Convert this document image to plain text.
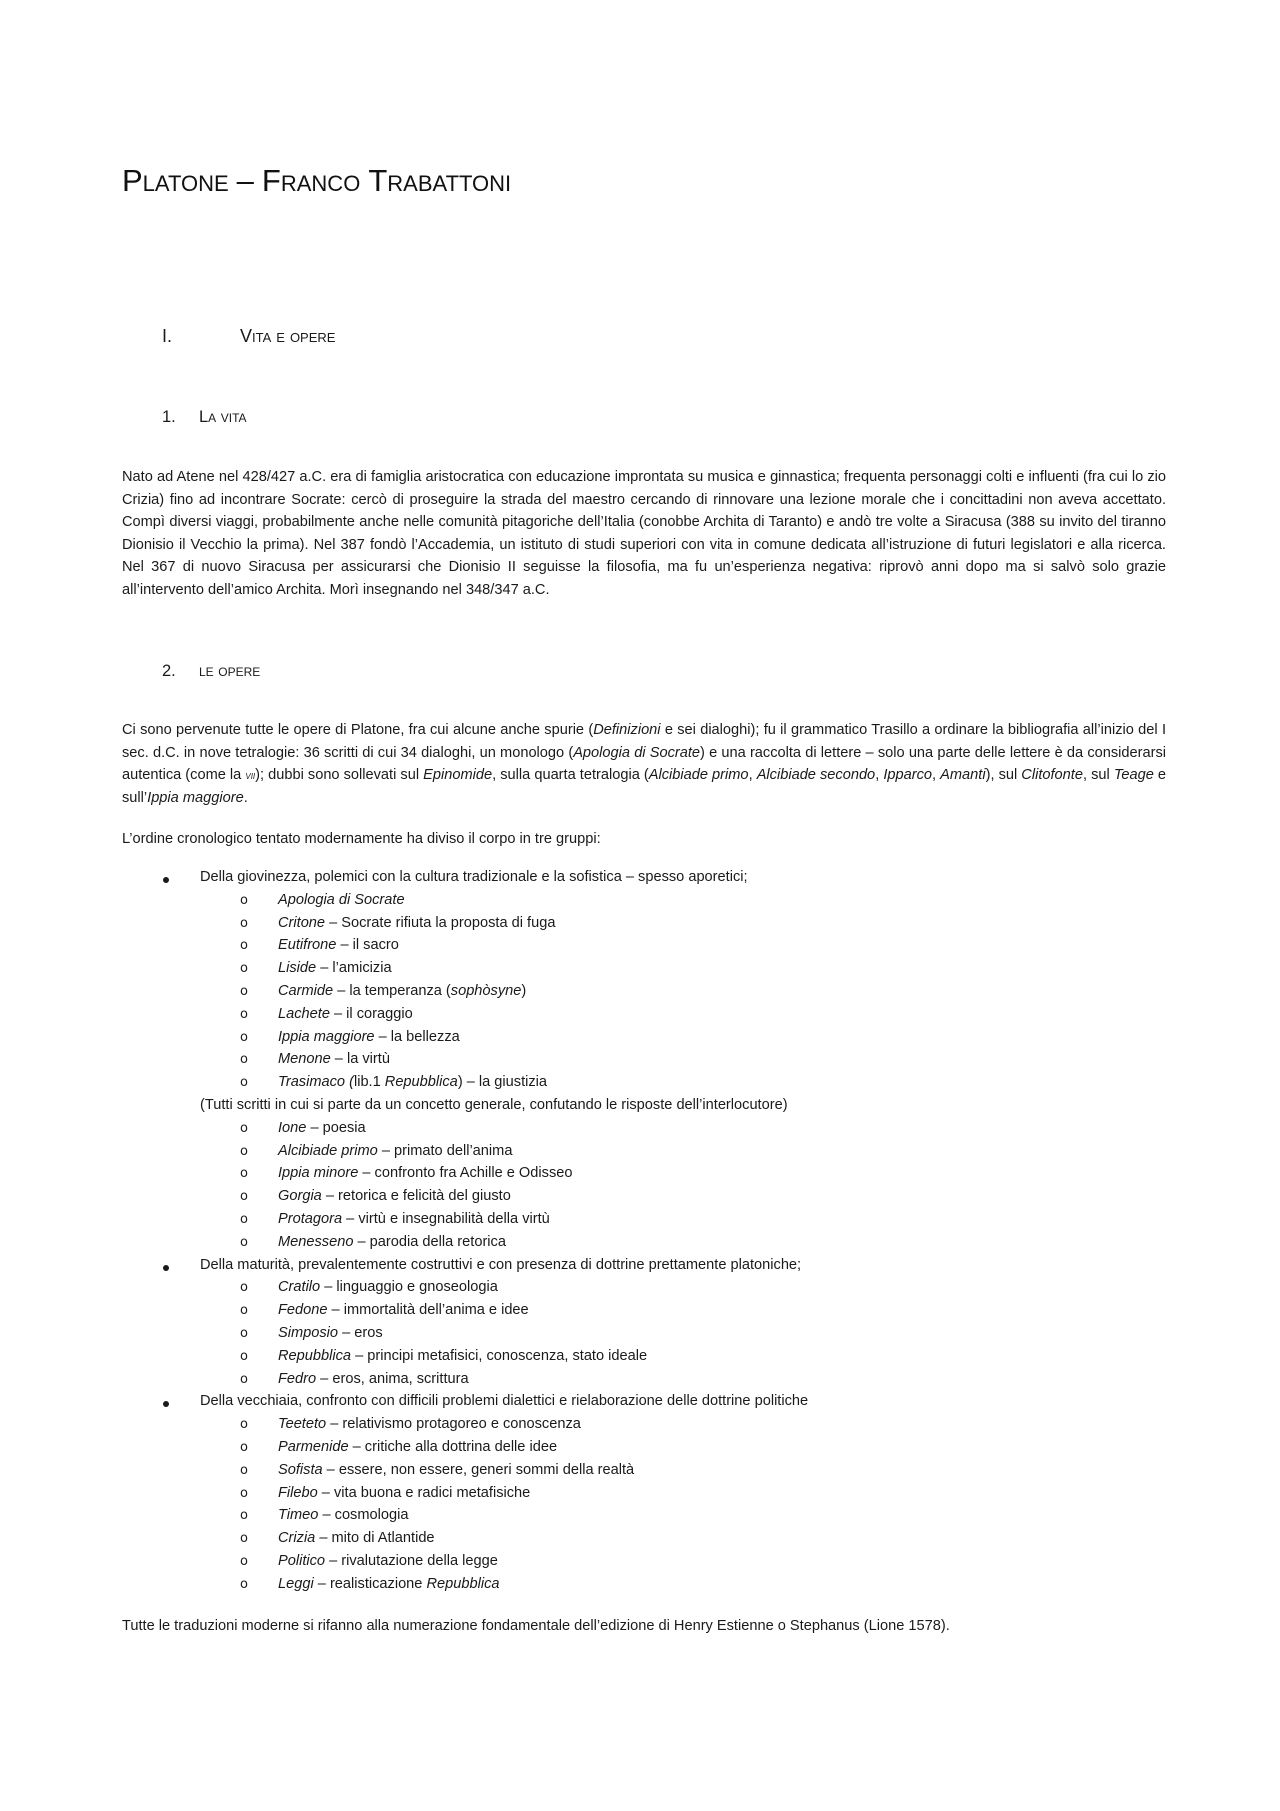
Platone – Franco Trabattoni
I.	Vita e opere
1. La vita

Nato ad Atene nel 428/427 a.C. era di famiglia aristocratica con educazione improntata su musica e ginnastica; frequenta personaggi colti e influenti (fra cui lo zio Crizia) fino ad incontrare Socrate: cercò di proseguire la strada del maestro cercando di rinnovare una lezione morale che i concittadini non aveva accettato. Compì diversi viaggi, probabilmente anche nelle comunità pitagoriche dell’Italia (conobbe Archita di Taranto) e andò tre volte a Siracusa (388 su invito del tiranno Dionisio il Vecchio la prima). Nel 387 fondò l’Accademia, un istituto di studi superiori con vita in comune dedicata all’istruzione di futuri legislatori e alla ricerca. Nel 367 di nuovo Siracusa per assicurarsi che Dionisio II seguisse la filosofia, ma fu un’esperienza negativa: riprovò anni dopo ma si salvò solo grazie all’intervento dell’amico Archita. Morì insegnando nel 348/347 a.C.

2. le opere

Ci sono pervenute tutte le opere di Platone, fra cui alcune anche spurie (Definizioni e sei dialoghi); fu il grammatico Trasillo a ordinare la bibliografia all’inizio del I sec. d.C. in nove tetralogie: 36 scritti di cui 34 dialoghi, un monologo (Apologia di Socrate) e una raccolta di lettere – solo una parte delle lettere è da considerarsi autentica (come la vii); dubbi sono sollevati sul Epinomide, sulla quarta tetralogia (Alcibiade primo, Alcibiade secondo, Ipparco, Amanti), sul Clitofonte, sul Teage e sull’Ippia maggiore.

L’ordine cronologico tentato modernamente ha diviso il corpo in tre gruppi:

Della giovinezza, polemici con la cultura tradizionale e la sofistica – spesso aporetici;
o Apologia di Socrate
o Critone – Socrate rifiuta la proposta di fuga
o Eutifrone – il sacro
o Liside – l’amicizia
o Carmide – la temperanza (sophòsyne)
o Lachete – il coraggio
o Ippia maggiore – la bellezza
o Menone – la virtù
o Trasimaco (lib.1 Repubblica) – la giustizia
(Tutti scritti in cui si parte da un concetto generale, confutando le risposte dell’interlocutore)
o Ione – poesia
o Alcibiade primo – primato dell’anima
o Ippia minore – confronto fra Achille e Odisseo
o Gorgia – retorica e felicità del giusto
o Protagora – virtù e insegnabilità della virtù
o Menesseno – parodia della retorica
Della maturità, prevalentemente costruttivi e con presenza di dottrine prettamente platoniche;
o Cratilo – linguaggio e gnoseologia
o Fedone – immortalità dell’anima e idee
o Simposio – eros
o Repubblica – principi metafisici, conoscenza, stato ideale
o Fedro – eros, anima, scrittura
Della vecchiaia, confronto con difficili problemi dialettici e rielaborazione delle dottrine politiche
o Teeteto – relativismo protagoreo e conoscenza
o Parmenide – critiche alla dottrina delle idee
o Sofista – essere, non essere, generi sommi della realtà
o Filebo – vita buona e radici metafisiche
o Timeo – cosmologia
o Crizia – mito di Atlantide
o Politico – rivalutazione della legge
o Leggi – realisticazione Repubblica

Tutte le traduzioni moderne si rifanno alla numerazione fondamentale dell’edizione di Henry Estienne o Stephanus (Lione 1578).
